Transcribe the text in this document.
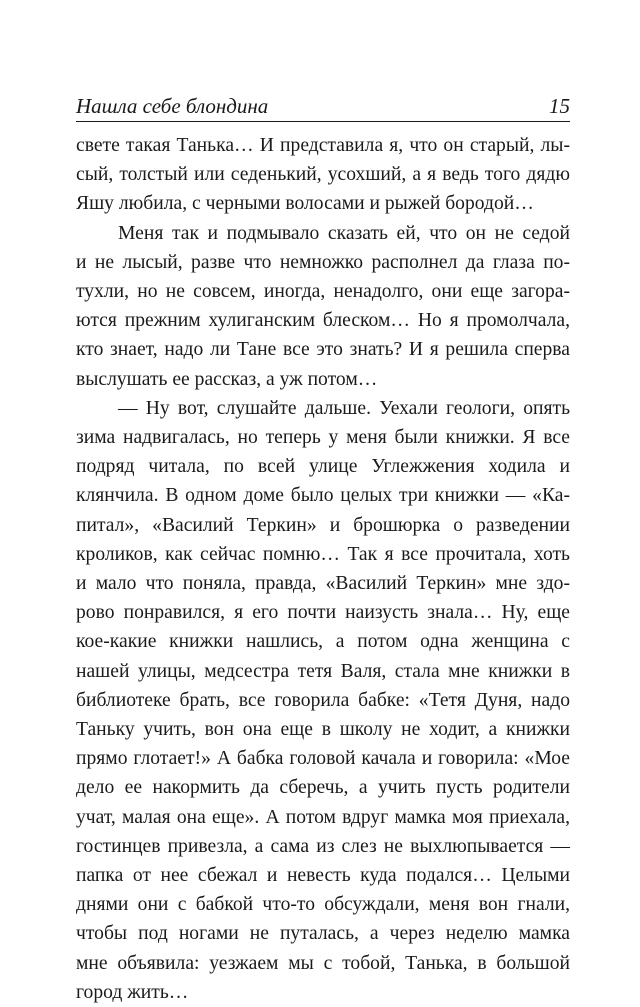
Нашла себе блондина	15
свете такая Танька… И представила я, что он старый, лы-
сый, толстый или седенький, усохший, а я ведь того дядю
Яшу любила, с черными волосами и рыжей бородой…
Меня так и подмывало сказать ей, что он не седой
и не лысый, разве что немножко располнел да глаза по-
тухли, но не совсем, иногда, ненадолго, они еще загора-
ются прежним хулиганским блеском… Но я промолчала,
кто знает, надо ли Тане все это знать? И я решила сперва
выслушать ее рассказ, а уж потом…
— Ну вот, слушайте дальше. Уехали геологи, опять
зима надвигалась, но теперь у меня были книжки. Я все
подряд читала, по всей улице Углежжения ходила и
клянчила. В одном доме было целых три книжки — «Ка-
питал», «Василий Теркин» и брошюрка о разведении
кроликов, как сейчас помню… Так я все прочитала, хоть
и мало что поняла, правда, «Василий Теркин» мне здо-
рово понравился, я его почти наизусть знала… Ну, еще
кое-какие книжки нашлись, а потом одна женщина с
нашей улицы, медсестра тетя Валя, стала мне книжки в
библиотеке брать, все говорила бабке: «Тетя Дуня, надо
Таньку учить, вон она еще в школу не ходит, а книжки
прямо глотает!» А бабка головой качала и говорила: «Мое
дело ее накормить да сберечь, а учить пусть родители
учат, малая она еще». А потом вдруг мамка моя приехала,
гостинцев привезла, а сама из слез не выхлюпывается —
папка от нее сбежал и невесть куда подался… Целыми
днями они с бабкой что-то обсуждали, меня вон гнали,
чтобы под ногами не путалась, а через неделю мамка
мне объявила: уезжаем мы с тобой, Танька, в большой
город жить…
